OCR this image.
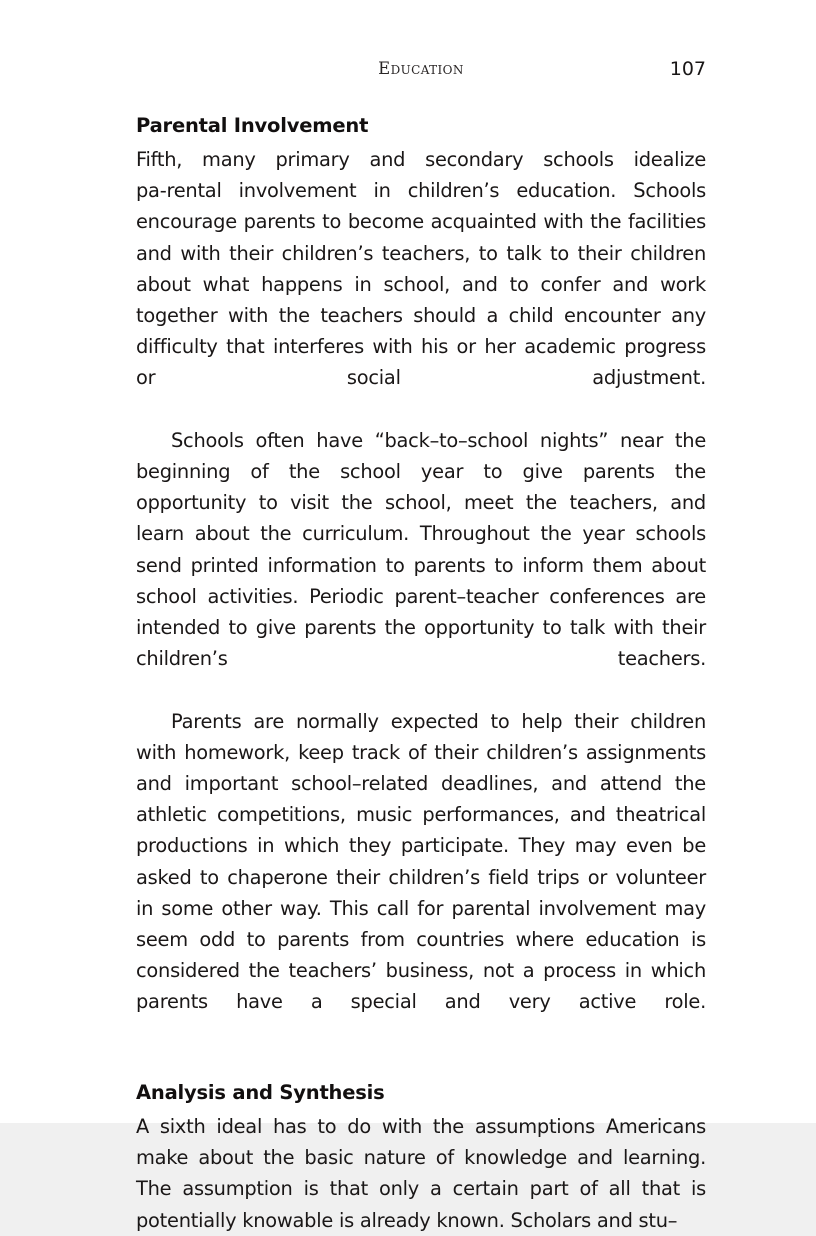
Education	107
Parental Involvement

Fifth, many primary and secondary schools idealize pa‑rental involvement in children’s education. Schools encourage parents to become acquainted with the facilities and with their children’s teachers, to talk to their children about what happens in school, and to confer and work together with the teachers should a child encounter any difficulty that interferes with his or her academic progress or social adjustment.

Schools often have “back–to–school nights” near the beginning of the school year to give parents the opportunity to visit the school, meet the teachers, and learn about the curriculum. Throughout the year schools send printed information to parents to inform them about school activities. Periodic parent–teacher conferences are intended to give parents the opportunity to talk with their children’s teachers.

Parents are normally expected to help their children with homework, keep track of their children’s assignments and important school–related deadlines, and attend the athletic competitions, music performances, and theatrical productions in which they participate. They may even be asked to chaperone their children’s field trips or volunteer in some other way. This call for parental involvement may seem odd to parents from countries where education is considered the teachers’ business, not a process in which parents have a special and very active role.

Analysis and Synthesis

A sixth ideal has to do with the assumptions Americans make about the basic nature of knowledge and learning. The assumption is that only a certain part of all that is potentially knowable is already known. Scholars and stu–
